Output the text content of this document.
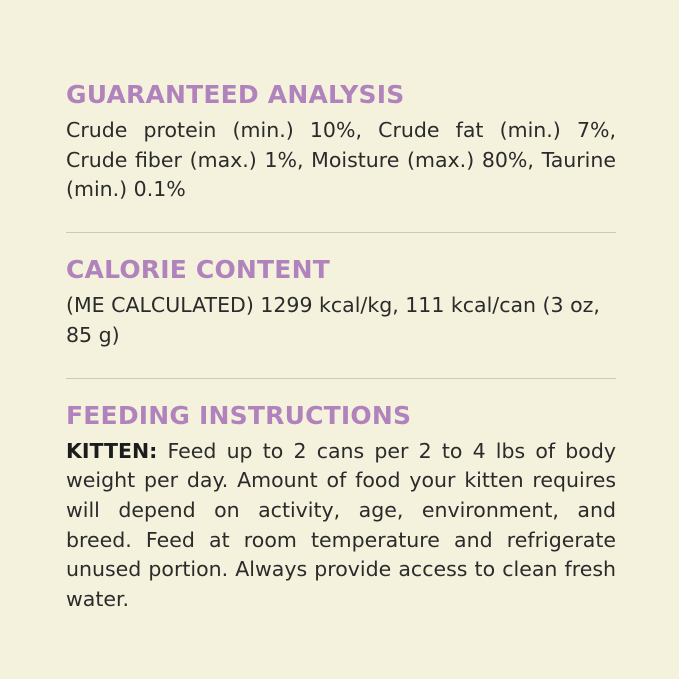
GUARANTEED ANALYSIS

Crude protein (min.) 10%, Crude fat (min.) 7%, Crude fiber (max.) 1%, Moisture (max.) 80%, Taurine (min.) 0.1%

CALORIE CONTENT

(ME CALCULATED) 1299 kcal/kg, 111 kcal/can (3 oz, 85 g)

FEEDING INSTRUCTIONS

KITTEN: Feed up to 2 cans per 2 to 4 lbs of body weight per day. Amount of food your kitten requires will depend on activity, age, environment, and breed. Feed at room temperature and refrigerate unused portion. Always provide access to clean fresh water.
